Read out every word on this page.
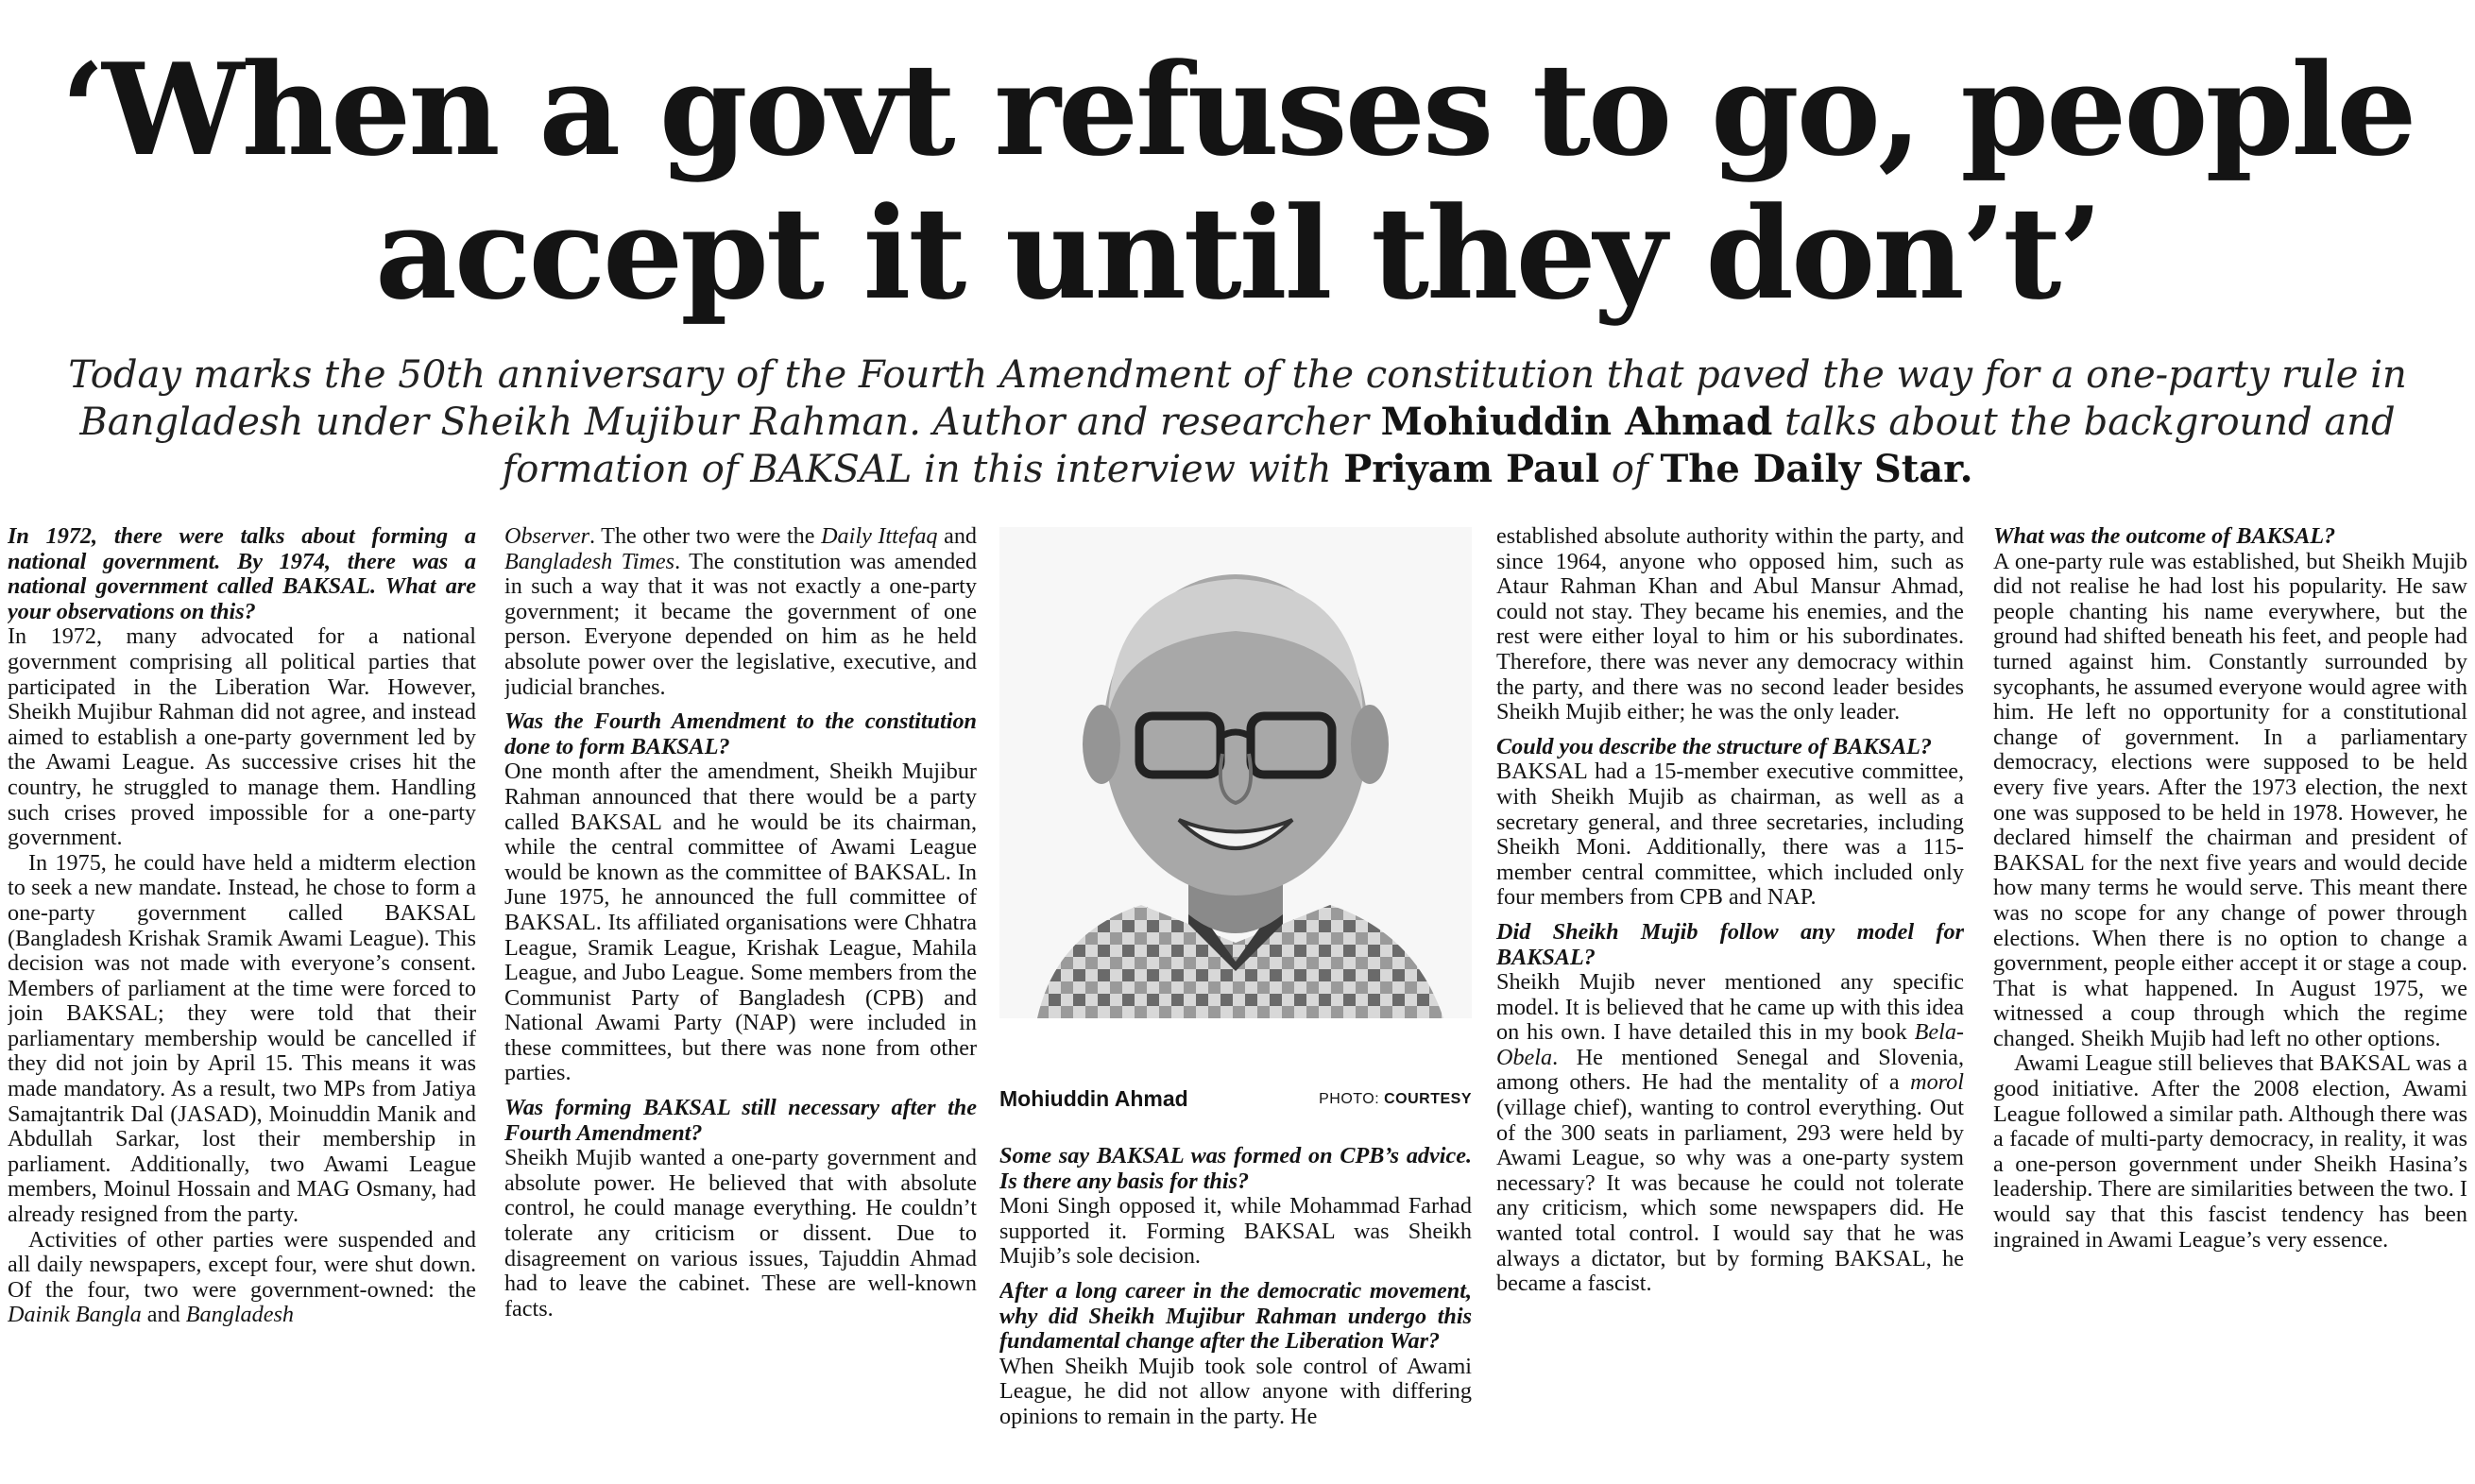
‘When a govt refuses to go, people accept it until they don’t’

Today marks the 50th anniversary of the Fourth Amendment of the constitution that paved the way for a one-party rule in Bangladesh under Sheikh Mujibur Rahman. Author and researcher Mohiuddin Ahmad talks about the background and formation of BAKSAL in this interview with Priyam Paul of The Daily Star.

In 1972, there were talks about forming a national government. By 1974, there was a national government called BAKSAL. What are your observations on this?

In 1972, many advocated for a national government comprising all political parties that participated in the Liberation War. However, Sheikh Mujibur Rahman did not agree, and instead aimed to establish a one-party government led by the Awami League. As successive crises hit the country, he struggled to manage them. Handling such crises proved impossible for a one-party government.

In 1975, he could have held a midterm election to seek a new mandate. Instead, he chose to form a one-party government called BAKSAL (Bangladesh Krishak Sramik Awami League). This decision was not made with everyone’s consent. Members of parliament at the time were forced to join BAKSAL; they were told that their parliamentary membership would be cancelled if they did not join by April 15. This means it was made mandatory. As a result, two MPs from Jatiya Samajtantrik Dal (JASAD), Moinuddin Manik and Abdullah Sarkar, lost their membership in parliament. Additionally, two Awami League members, Moinul Hossain and MAG Osmany, had already resigned from the party.

Activities of other parties were suspended and all daily newspapers, except four, were shut down. Of the four, two were government-owned: the Dainik Bangla and Bangladesh

Observer. The other two were the Daily Ittefaq and Bangladesh Times. The constitution was amended in such a way that it was not exactly a one-party government; it became the government of one person. Everyone depended on him as he held absolute power over the legislative, executive, and judicial branches.

Was the Fourth Amendment to the constitution done to form BAKSAL?

One month after the amendment, Sheikh Mujibur Rahman announced that there would be a party called BAKSAL and he would be its chairman, while the central committee of Awami League would be known as the committee of BAKSAL. In June 1975, he announced the full committee of BAKSAL. Its affiliated organisations were Chhatra League, Sramik League, Krishak League, Mahila League, and Jubo League. Some members from the Communist Party of Bangladesh (CPB) and National Awami Party (NAP) were included in these committees, but there was none from other parties.

Was forming BAKSAL still necessary after the Fourth Amendment?

Sheikh Mujib wanted a one-party government and absolute power. He believed that with absolute control, he could manage everything. He couldn’t tolerate any criticism or dissent. Due to disagreement on various issues, Tajuddin Ahmad had to leave the cabinet. These are well-known facts.

Mohiuddin Ahmad	PHOTO: COURTESY

Some say BAKSAL was formed on CPB’s advice. Is there any basis for this?

Moni Singh opposed it, while Mohammad Farhad supported it. Forming BAKSAL was Sheikh Mujib’s sole decision.

After a long career in the democratic movement, why did Sheikh Mujibur Rahman undergo this fundamental change after the Liberation War?

When Sheikh Mujib took sole control of Awami League, he did not allow anyone with differing opinions to remain in the party. He

established absolute authority within the party, and since 1964, anyone who opposed him, such as Ataur Rahman Khan and Abul Mansur Ahmad, could not stay. They became his enemies, and the rest were either loyal to him or his subordinates. Therefore, there was never any democracy within the party, and there was no second leader besides Sheikh Mujib either; he was the only leader.

Could you describe the structure of BAKSAL?

BAKSAL had a 15-member executive committee, with Sheikh Mujib as chairman, as well as a secretary general, and three secretaries, including Sheikh Moni. Additionally, there was a 115-member central committee, which included only four members from CPB and NAP.

Did Sheikh Mujib follow any model for BAKSAL?

Sheikh Mujib never mentioned any specific model. It is believed that he came up with this idea on his own. I have detailed this in my book Bela-Obela. He mentioned Senegal and Slovenia, among others. He had the mentality of a morol (village chief), wanting to control everything. Out of the 300 seats in parliament, 293 were held by Awami League, so why was a one-party system necessary? It was because he could not tolerate any criticism, which some newspapers did. He wanted total control. I would say that he was always a dictator, but by forming BAKSAL, he became a fascist.

What was the outcome of BAKSAL?

A one-party rule was established, but Sheikh Mujib did not realise he had lost his popularity. He saw people chanting his name everywhere, but the ground had shifted beneath his feet, and people had turned against him. Constantly surrounded by sycophants, he assumed everyone would agree with him. He left no opportunity for a constitutional change of government. In a parliamentary democracy, elections were supposed to be held every five years. After the 1973 election, the next one was supposed to be held in 1978. However, he declared himself the chairman and president of BAKSAL for the next five years and would decide how many terms he would serve. This meant there was no scope for any change of power through elections. When there is no option to change a government, people either accept it or stage a coup. That is what happened. In August 1975, we witnessed a coup through which the regime changed. Sheikh Mujib had left no other options.

Awami League still believes that BAKSAL was a good initiative. After the 2008 election, Awami League followed a similar path. Although there was a facade of multi-party democracy, in reality, it was a one-person government under Sheikh Hasina’s leadership. There are similarities between the two. I would say that this fascist tendency has been ingrained in Awami League’s very essence.
